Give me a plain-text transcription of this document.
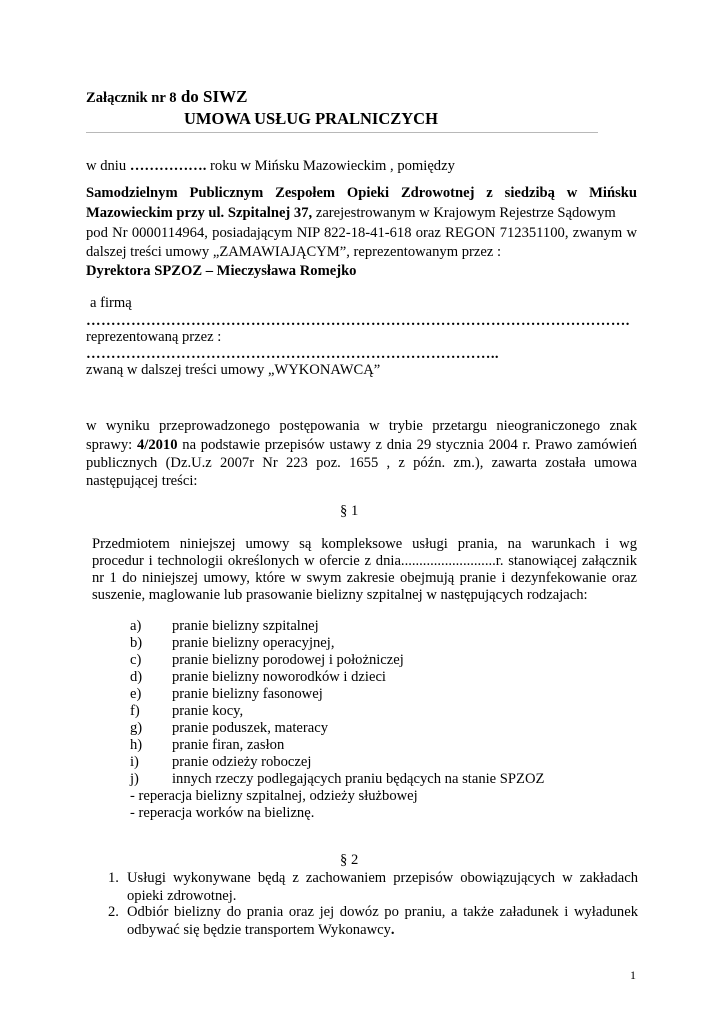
Załącznik nr 8 do SIWZ
UMOWA USŁUG PRALNICZYCH
w dniu ……………. roku w Mińsku Mazowieckim , pomiędzy
Samodzielnym Publicznym Zespołem Opieki Zdrowotnej z siedzibą w Mińsku
Mazowieckim przy ul. Szpitalnej 37, zarejestrowanym w Krajowym Rejestrze Sądowym
pod Nr 0000114964, posiadającym NIP 822-18-41-618 oraz REGON 712351100, zwanym w
dalszej treści umowy „ZAMAWIAJĄCYM”, reprezentowanym przez :
Dyrektora SPZOZ – Mieczysława Romejko
a firmą
……………………………………………………………………………………………….
reprezentowaną przez :
………………………………………………………………………..
zwaną w dalszej treści umowy „WYKONAWCĄ”
w wyniku przeprowadzonego postępowania w trybie przetargu nieograniczonego znak
sprawy: 4/2010 na podstawie przepisów ustawy z dnia 29 stycznia 2004 r. Prawo zamówień
publicznych (Dz.U.z 2007r Nr 223 poz. 1655 , z późn. zm.), zawarta została umowa
następującej treści:
§ 1
Przedmiotem niniejszej umowy są kompleksowe usługi prania, na warunkach i wg
procedur i technologii określonych w ofercie z dnia..........................r. stanowiącej załącznik
nr 1 do niniejszej umowy, które w swym zakresie obejmują pranie i dezynfekowanie oraz
suszenie, maglowanie lub prasowanie bielizny szpitalnej w następujących rodzajach:
a) pranie bielizny szpitalnej
b) pranie bielizny operacyjnej,
c) pranie bielizny porodowej i położniczej
d) pranie bielizny noworodków i dzieci
e) pranie bielizny fasonowej
f) pranie kocy,
g) pranie poduszek, materacy
h) pranie firan, zasłon
i) pranie odzieży roboczej
j) innych rzeczy podlegających praniu będących na stanie SPZOZ
- reperacja bielizny szpitalnej, odzieży służbowej
- reperacja worków na bieliznę.
§ 2
1. Usługi wykonywane będą z zachowaniem przepisów obowiązujących w zakładach
opieki zdrowotnej.
2. Odbiór bielizny do prania oraz jej dowóz po praniu, a także załadunek i wyładunek
odbywać się będzie transportem Wykonawcy.
1
